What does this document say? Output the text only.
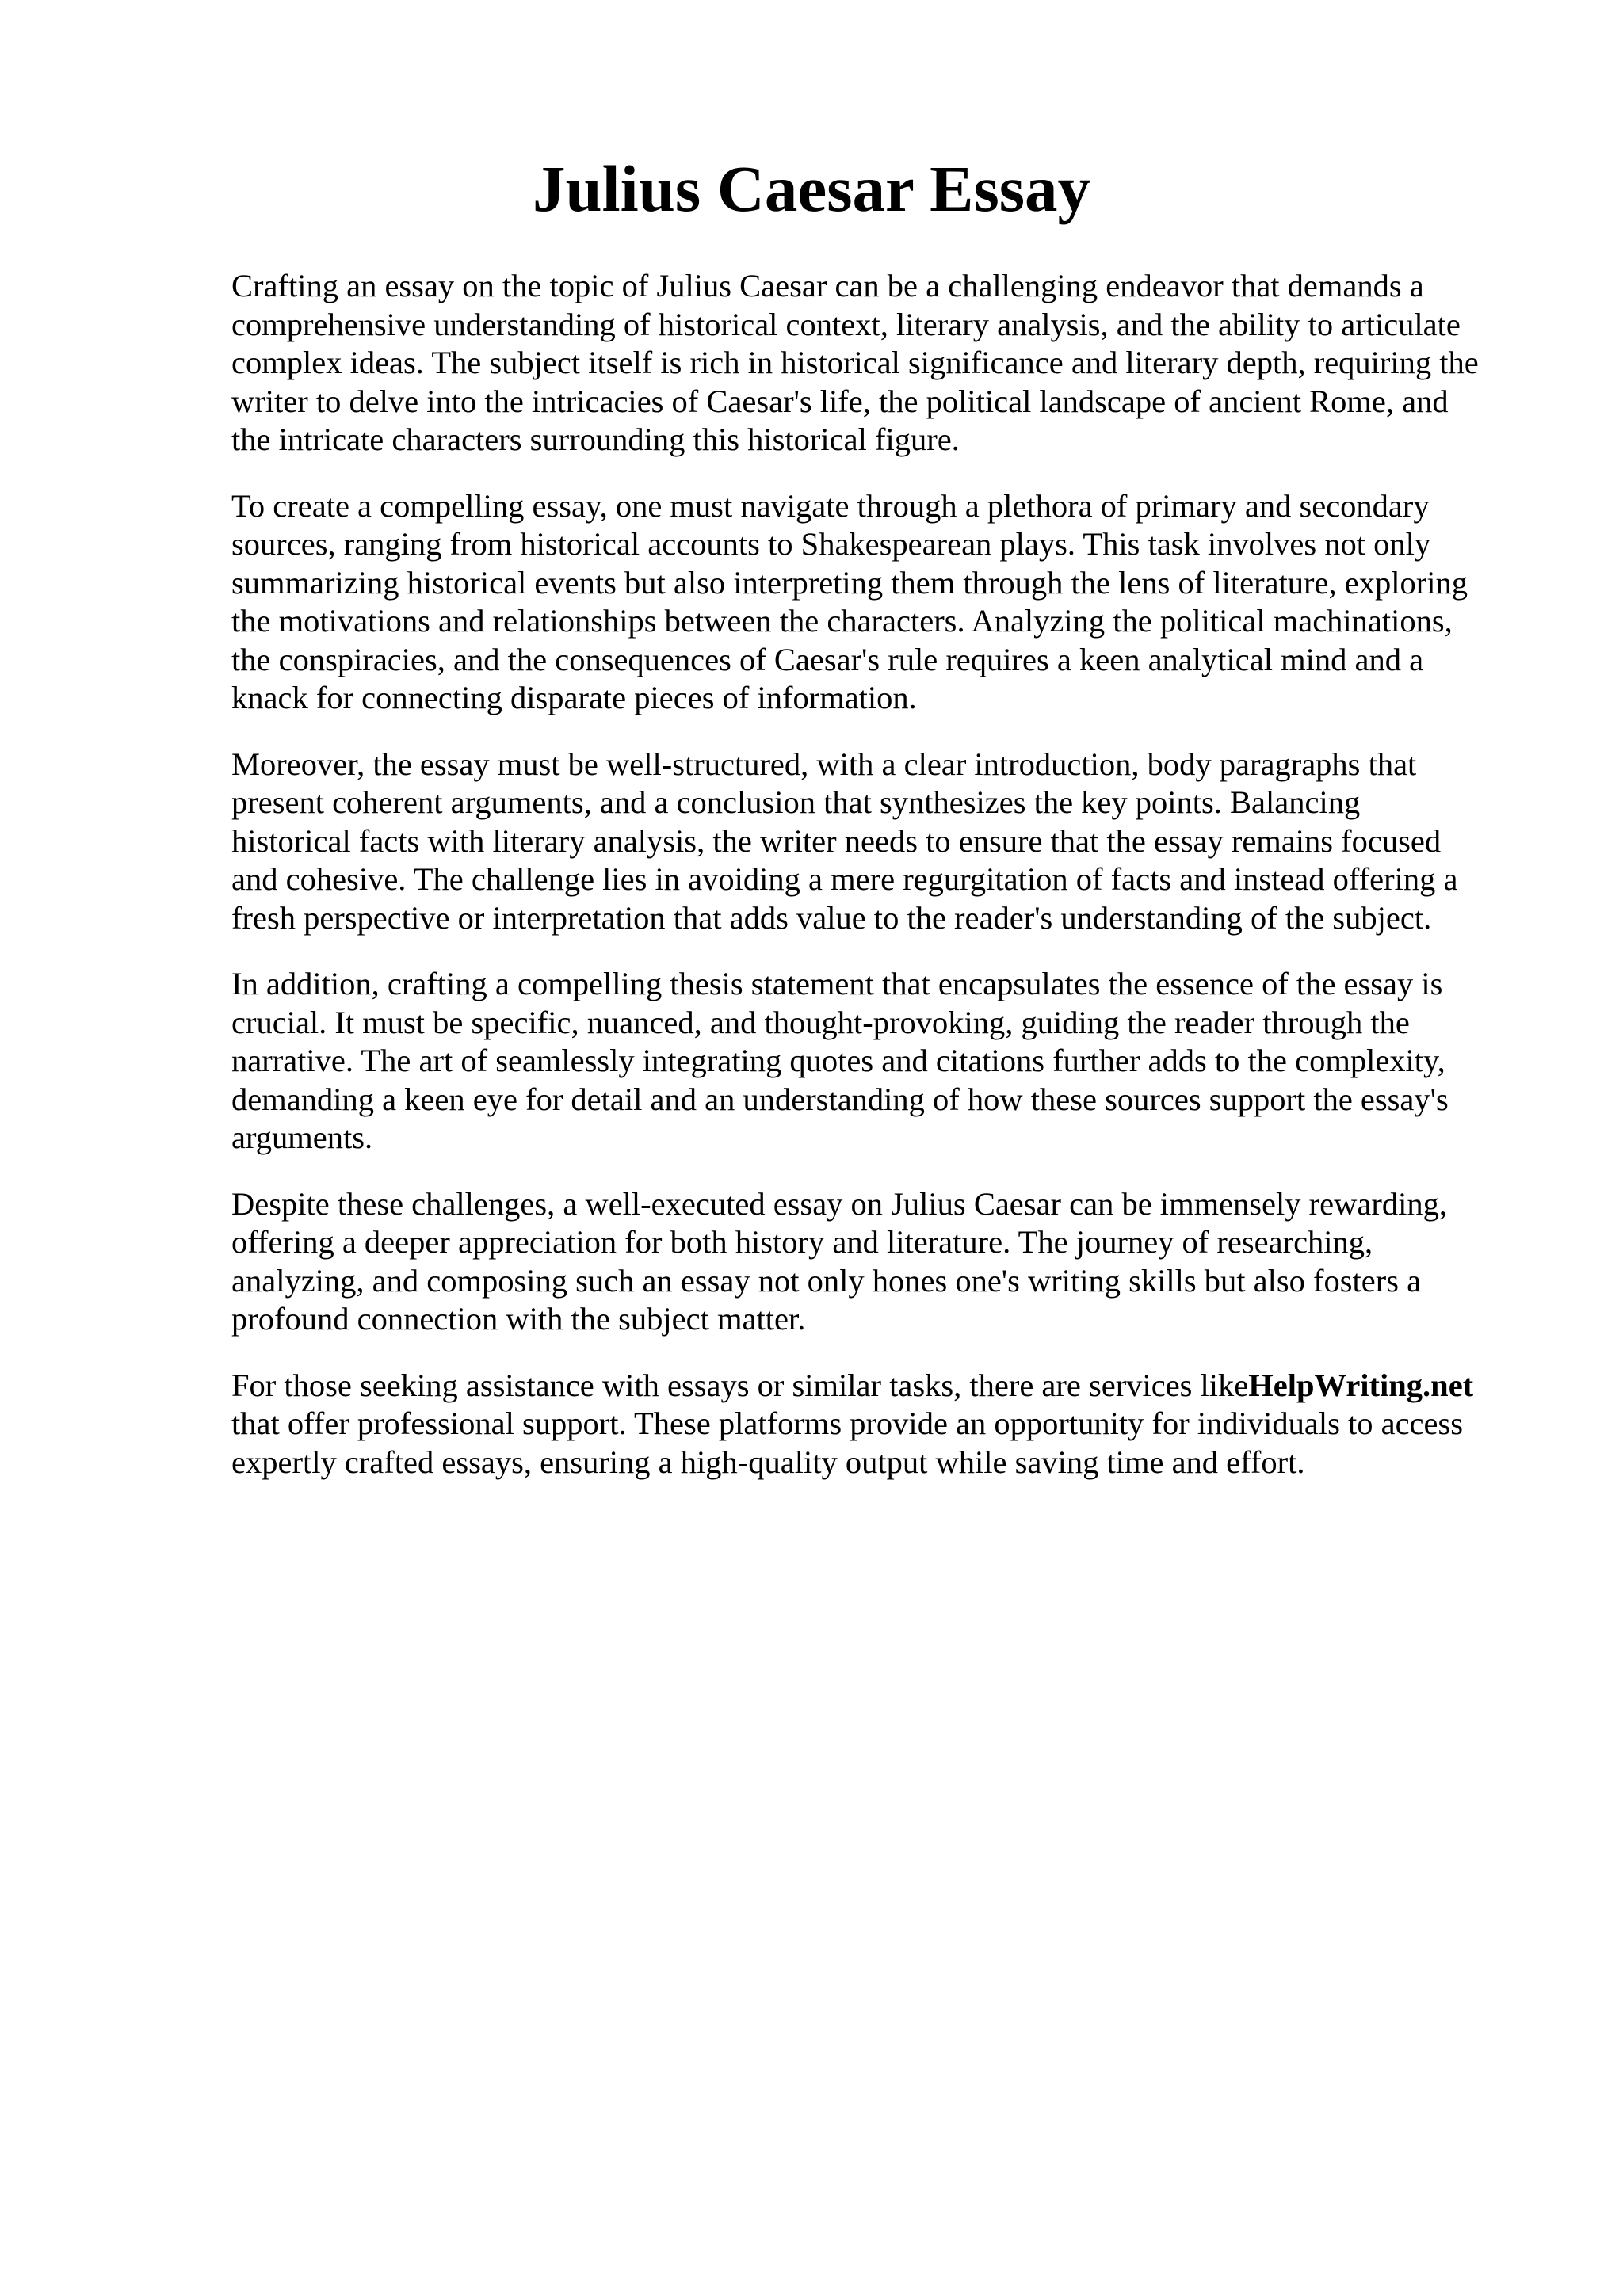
Julius Caesar Essay

Crafting an essay on the topic of Julius Caesar can be a challenging endeavor that demands a
comprehensive understanding of historical context, literary analysis, and the ability to articulate
complex ideas. The subject itself is rich in historical significance and literary depth, requiring the
writer to delve into the intricacies of Caesar's life, the political landscape of ancient Rome, and
the intricate characters surrounding this historical figure.

To create a compelling essay, one must navigate through a plethora of primary and secondary
sources, ranging from historical accounts to Shakespearean plays. This task involves not only
summarizing historical events but also interpreting them through the lens of literature, exploring
the motivations and relationships between the characters. Analyzing the political machinations,
the conspiracies, and the consequences of Caesar's rule requires a keen analytical mind and a
knack for connecting disparate pieces of information.

Moreover, the essay must be well-structured, with a clear introduction, body paragraphs that
present coherent arguments, and a conclusion that synthesizes the key points. Balancing
historical facts with literary analysis, the writer needs to ensure that the essay remains focused
and cohesive. The challenge lies in avoiding a mere regurgitation of facts and instead offering a
fresh perspective or interpretation that adds value to the reader's understanding of the subject.

In addition, crafting a compelling thesis statement that encapsulates the essence of the essay is
crucial. It must be specific, nuanced, and thought-provoking, guiding the reader through the
narrative. The art of seamlessly integrating quotes and citations further adds to the complexity,
demanding a keen eye for detail and an understanding of how these sources support the essay's
arguments.

Despite these challenges, a well-executed essay on Julius Caesar can be immensely rewarding,
offering a deeper appreciation for both history and literature. The journey of researching,
analyzing, and composing such an essay not only hones one's writing skills but also fosters a
profound connection with the subject matter.

For those seeking assistance with essays or similar tasks, there are services likeHelpWriting.net
that offer professional support. These platforms provide an opportunity for individuals to access
expertly crafted essays, ensuring a high-quality output while saving time and effort.
